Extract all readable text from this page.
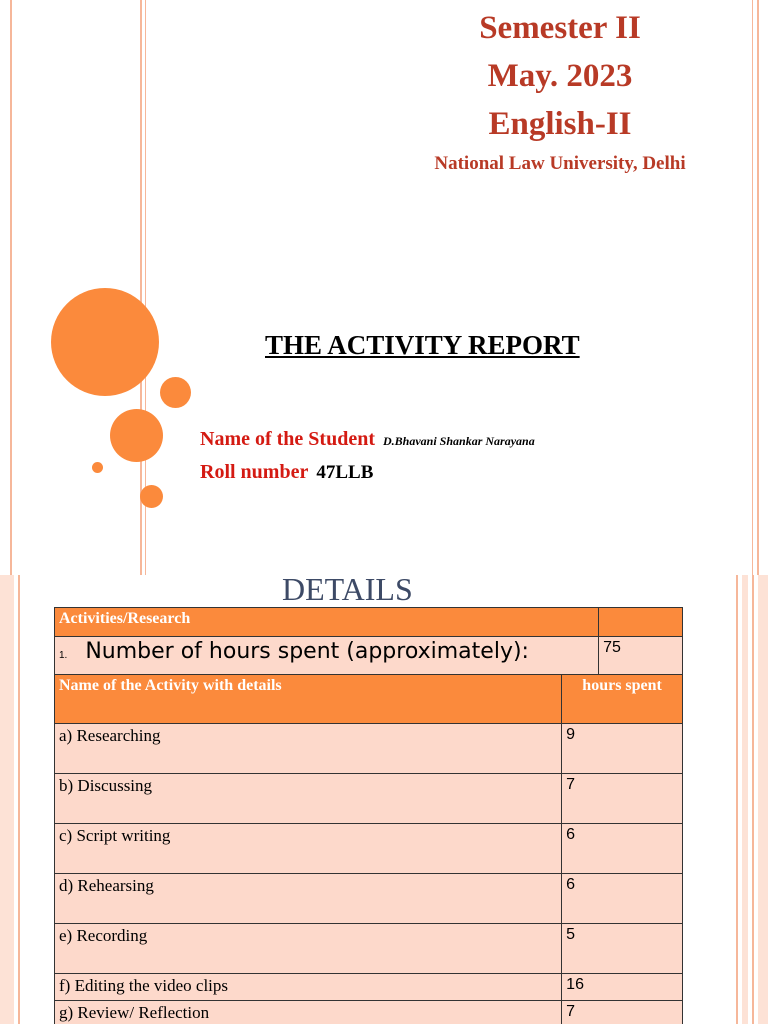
Semester II
May. 2023
English-II
National Law University, Delhi
THE ACTIVITY REPORT
Name of the Student D.Bhavani Shankar Narayana
Roll number 47LLB
DETAILS
Activities/Research		
1. Number of hours spent (approximately):		75
Name of the Activity with details	hours spent	
a) Researching	9	
b) Discussing	7	
c) Script writing	6	
d) Rehearsing	6	
e) Recording	5	
f) Editing the video clips	16	
g) Review/ Reflection	7	
